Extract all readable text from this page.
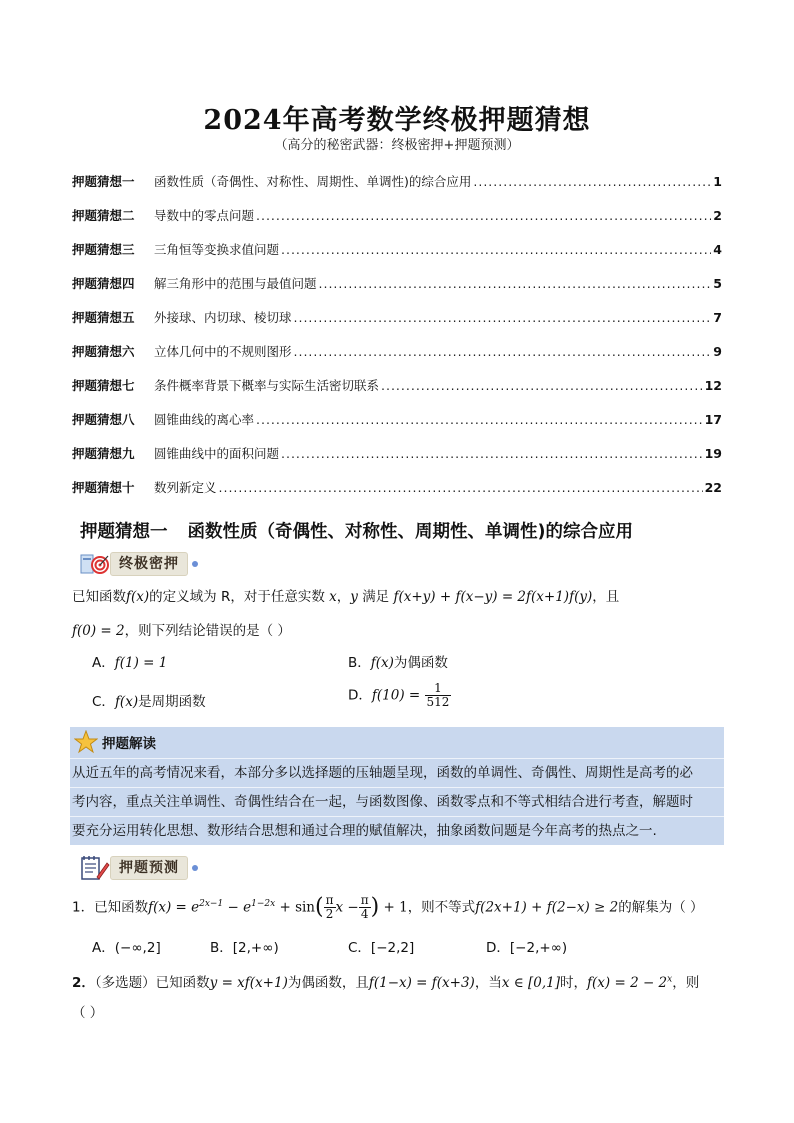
2024年高考数学终极押题猜想
（高分的秘密武器：终极密押+押题预测）
押题猜想一	函数性质（奇偶性、对称性、周期性、单调性)的综合应用 .....	1
押题猜想二	导数中的零点问题 .....	2
押题猜想三	三角恒等变换求值问题 .....	4
押题猜想四	解三角形中的范围与最值问题 .....	5
押题猜想五	外接球、内切球、棱切球 .....	7
押题猜想六	立体几何中的不规则图形 .....	9
押题猜想七	条件概率背景下概率与实际生活密切联系 .....	12
押题猜想八	圆锥曲线的离心率 .....	17
押题猜想九	圆锥曲线中的面积问题 .....	19
押题猜想十	数列新定义 .....	22
押题猜想一 函数性质（奇偶性、对称性、周期性、单调性)的综合应用
终极密押
已知函数f(x)的定义域为 R，对于任意实数 x，y 满足 f(x+y) + f(x−y) = 2f(x+1)f(y)，且
f(0) = 2，则下列结论错误的是（ ）
A．f(1) = 1	B．f(x)为偶函数
C．f(x)是周期函数	D．$f(10) = \frac{1}{512}$
押题解读
从近五年的高考情况来看，本部分多以选择题的压轴题呈现，函数的单调性、奇偶性、周期性是高考的必
考内容，重点关注单调性、奇偶性结合在一起，与函数图像、函数零点和不等式相结合进行考查，解题时
要充分运用转化思想、数形结合思想和通过合理的赋值解决，抽象函数问题是今年高考的热点之一.
押题预测
1．已知函数$f(x) = e^{2x-1} - e^{1-2x} + \sin( \frac{\pi}{2}$ $x - \frac{\pi}{4}$ ) + 1，则不等式f(2x+1) + f(2−x) ≥ 2的解集为（ ）
A．(−∞,2]	B．[2,+∞)	C．[−2,2]	D．[−2,+∞)
2．（多选题）已知函数y = xf(x+1)为偶函数，且f(1−x) = f(x+3)，当x ∈ [0,1]时，$f(x) = 2 - 2^x$，则
（ ）
